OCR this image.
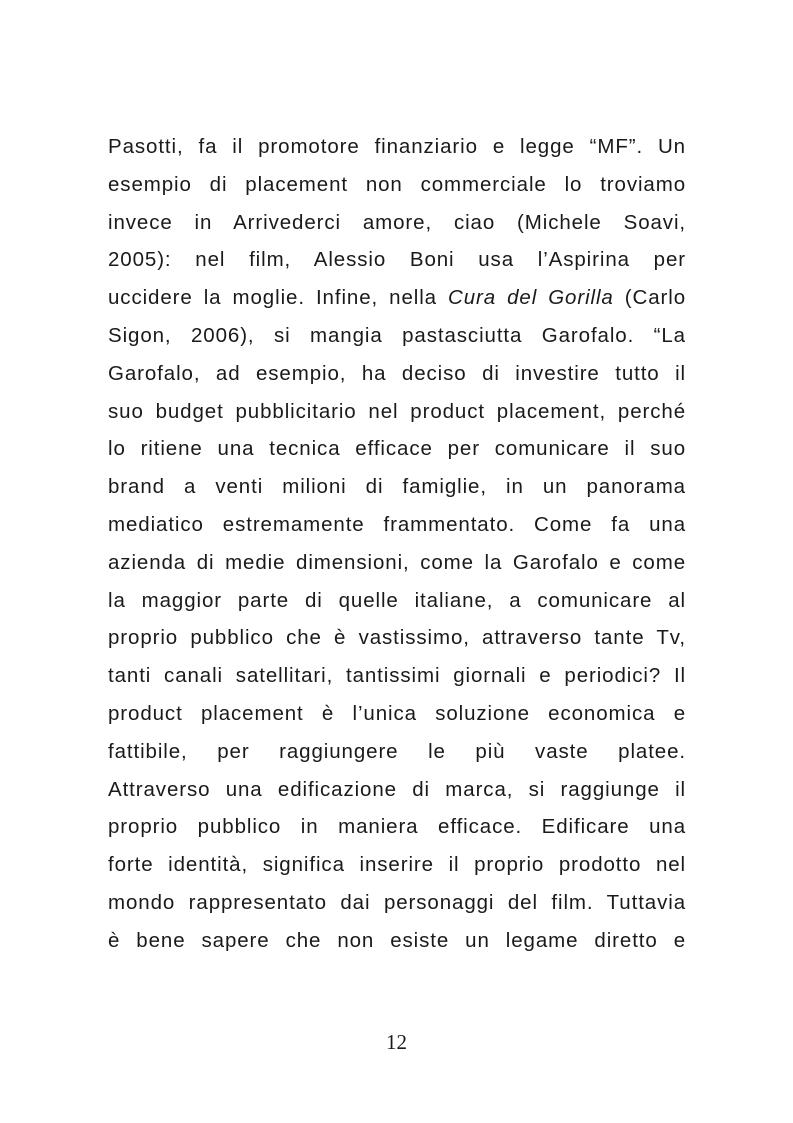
Pasotti, fa il promotore finanziario e legge “MF”. Un
esempio di placement non commerciale lo troviamo
invece in Arrivederci amore, ciao (Michele Soavi,
2005): nel film, Alessio Boni usa l’Aspirina per
uccidere la moglie. Infine, nella Cura del Gorilla (Carlo
Sigon, 2006), si mangia pastasciutta Garofalo. “La
Garofalo, ad esempio, ha deciso di investire tutto il
suo budget pubblicitario nel product placement, perché
lo ritiene una tecnica efficace per comunicare il suo
brand a venti milioni di famiglie, in un panorama
mediatico estremamente frammentato. Come fa una
azienda di medie dimensioni, come la Garofalo e come
la maggior parte di quelle italiane, a comunicare al
proprio pubblico che è vastissimo, attraverso tante Tv,
tanti canali satellitari, tantissimi giornali e periodici? Il
product placement è l’unica soluzione economica e
fattibile, per raggiungere le più vaste platee.
Attraverso una edificazione di marca, si raggiunge il
proprio pubblico in maniera efficace. Edificare una
forte identità, significa inserire il proprio prodotto nel
mondo rappresentato dai personaggi del film. Tuttavia
è bene sapere che non esiste un legame diretto e
12
